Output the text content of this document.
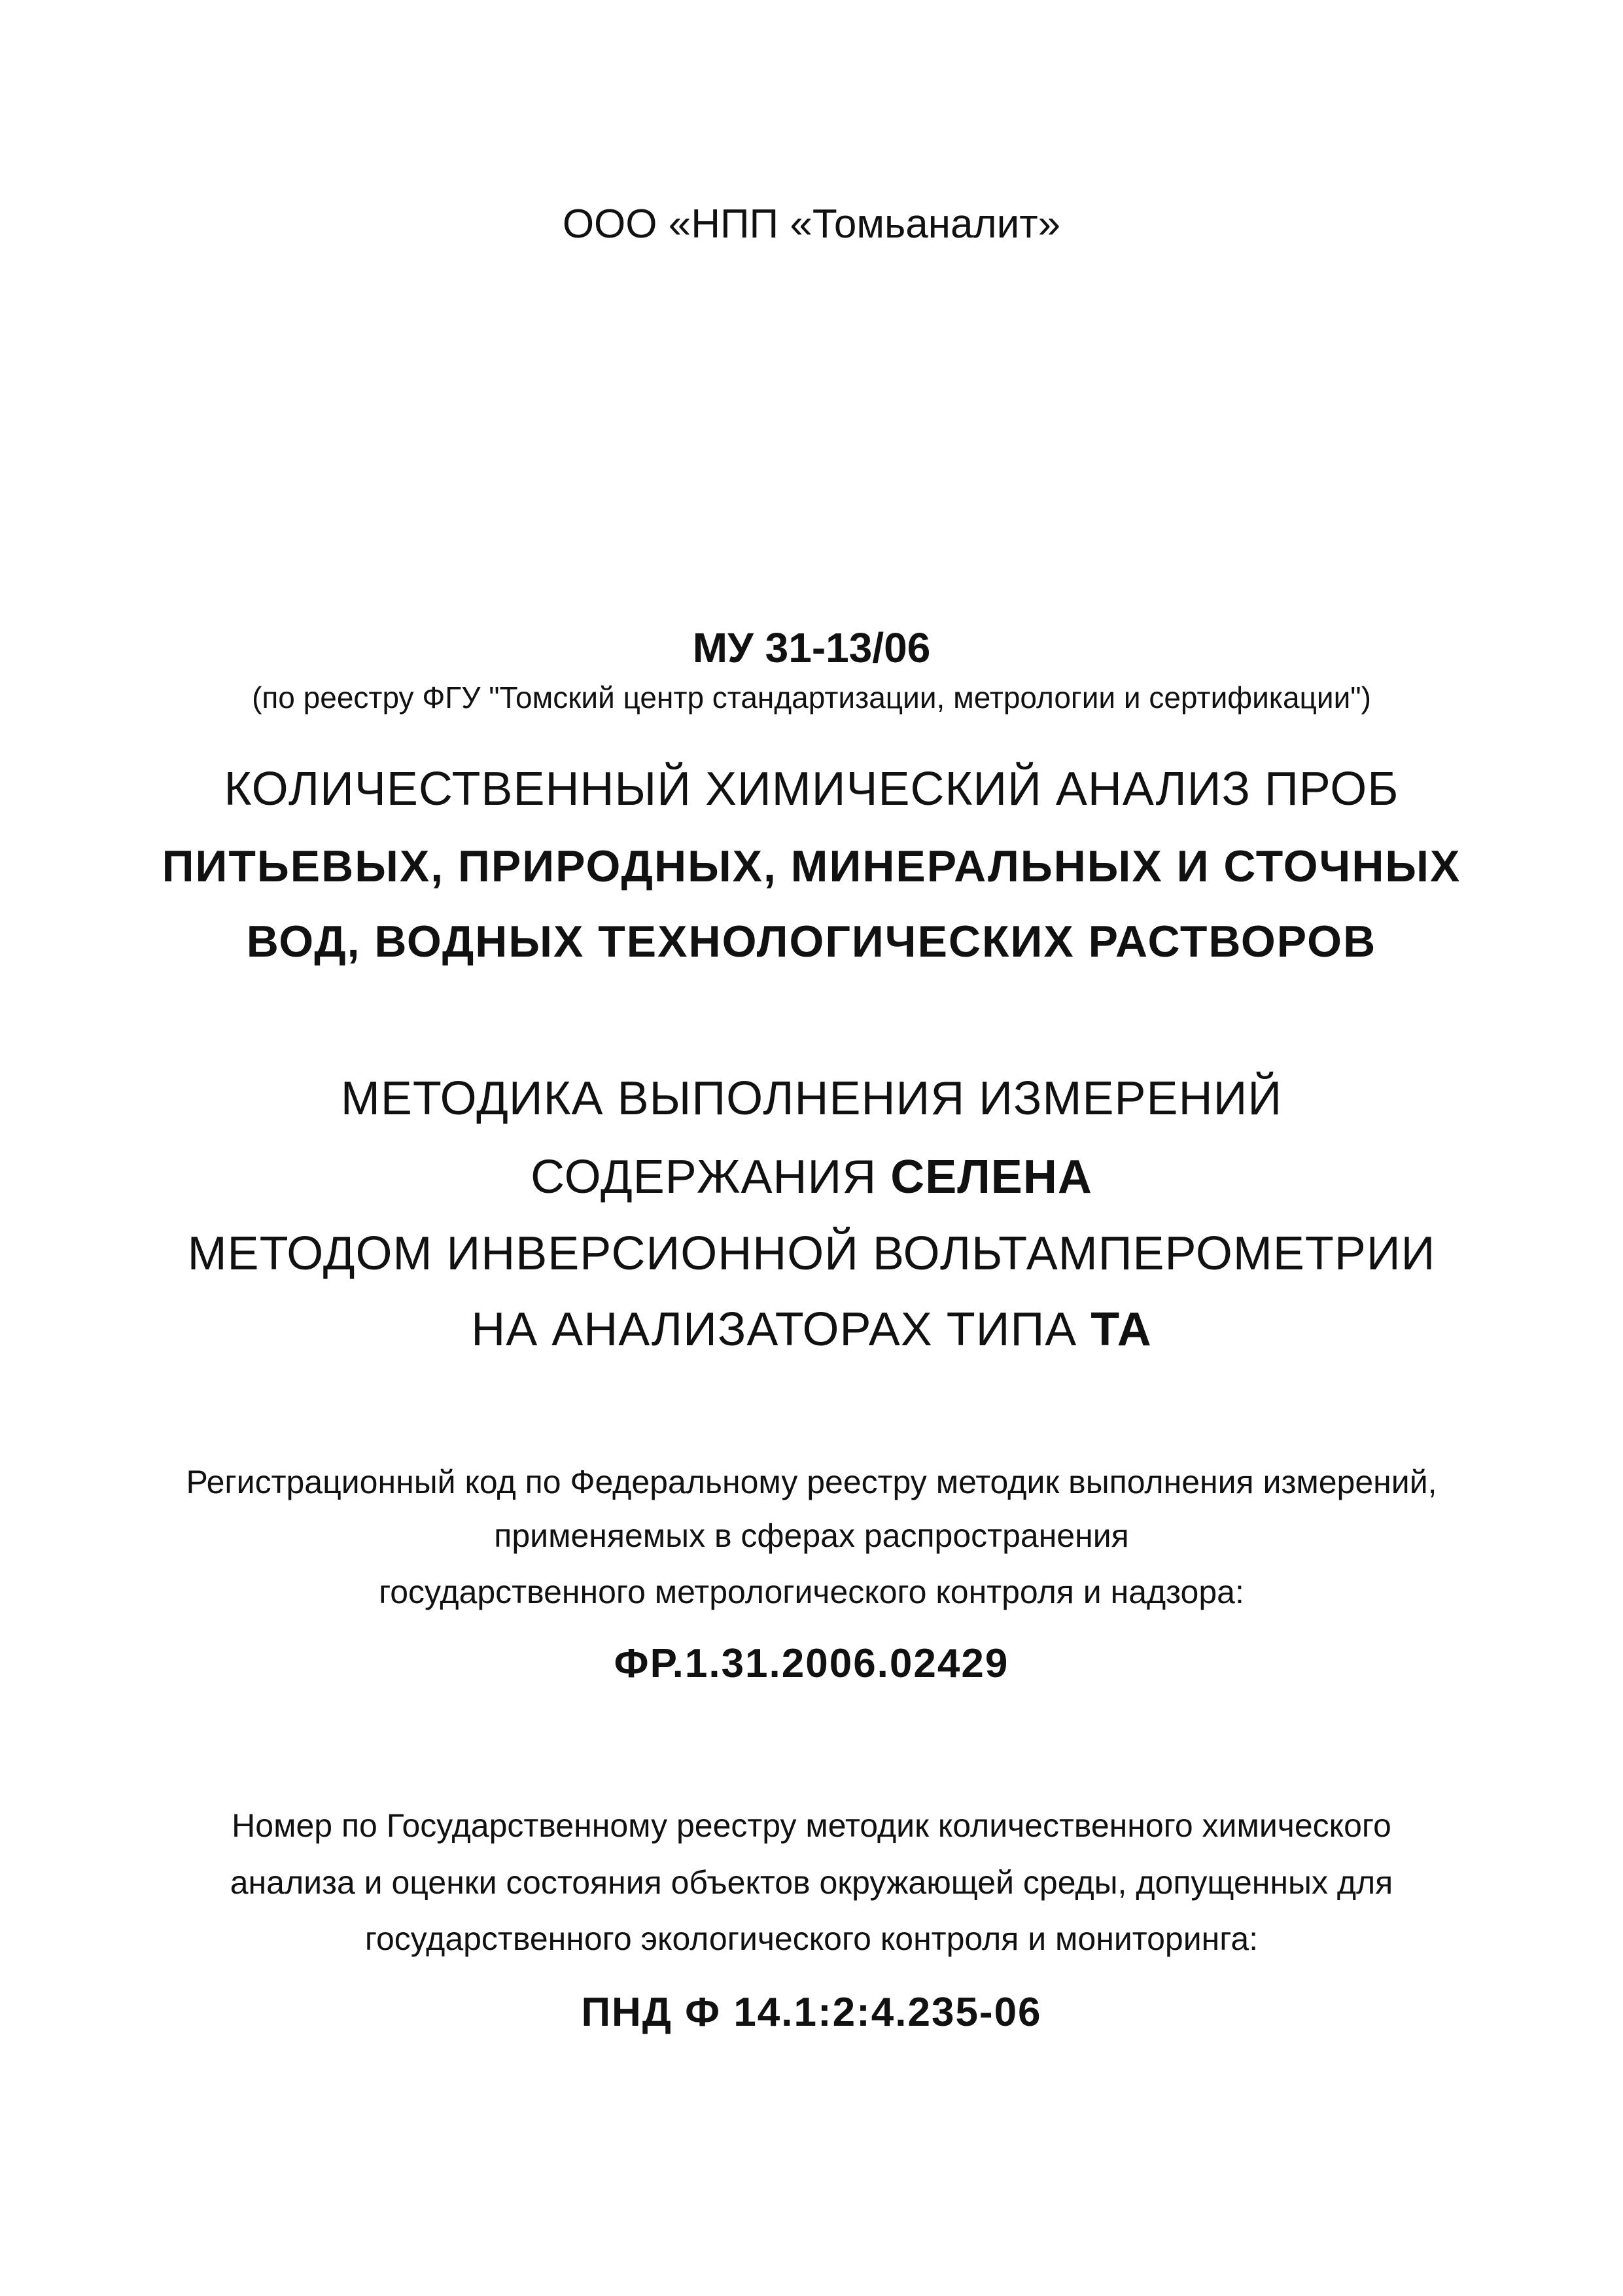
ООО «НПП «Томьаналит»
МУ 31-13/06
(по реестру ФГУ "Томский центр стандартизации, метрологии и сертификации")
КОЛИЧЕСТВЕННЫЙ ХИМИЧЕСКИЙ АНАЛИЗ ПРОБ
ПИТЬЕВЫХ, ПРИРОДНЫХ, МИНЕРАЛЬНЫХ И СТОЧНЫХ
ВОД, ВОДНЫХ ТЕХНОЛОГИЧЕСКИХ РАСТВОРОВ
МЕТОДИКА ВЫПОЛНЕНИЯ ИЗМЕРЕНИЙ
СОДЕРЖАНИЯ СЕЛЕНА
МЕТОДОМ ИНВЕРСИОННОЙ ВОЛЬТАМПЕРОМЕТРИИ
НА АНАЛИЗАТОРАХ ТИПА ТА
Регистрационный код по Федеральному реестру методик выполнения измерений,
применяемых в сферах распространения
государственного метрологического контроля и надзора:
ФР.1.31.2006.02429
Номер по Государственному реестру методик количественного химического
анализа и оценки состояния объектов окружающей среды, допущенных для
государственного экологического контроля и мониторинга:
ПНД Ф 14.1:2:4.235-06
